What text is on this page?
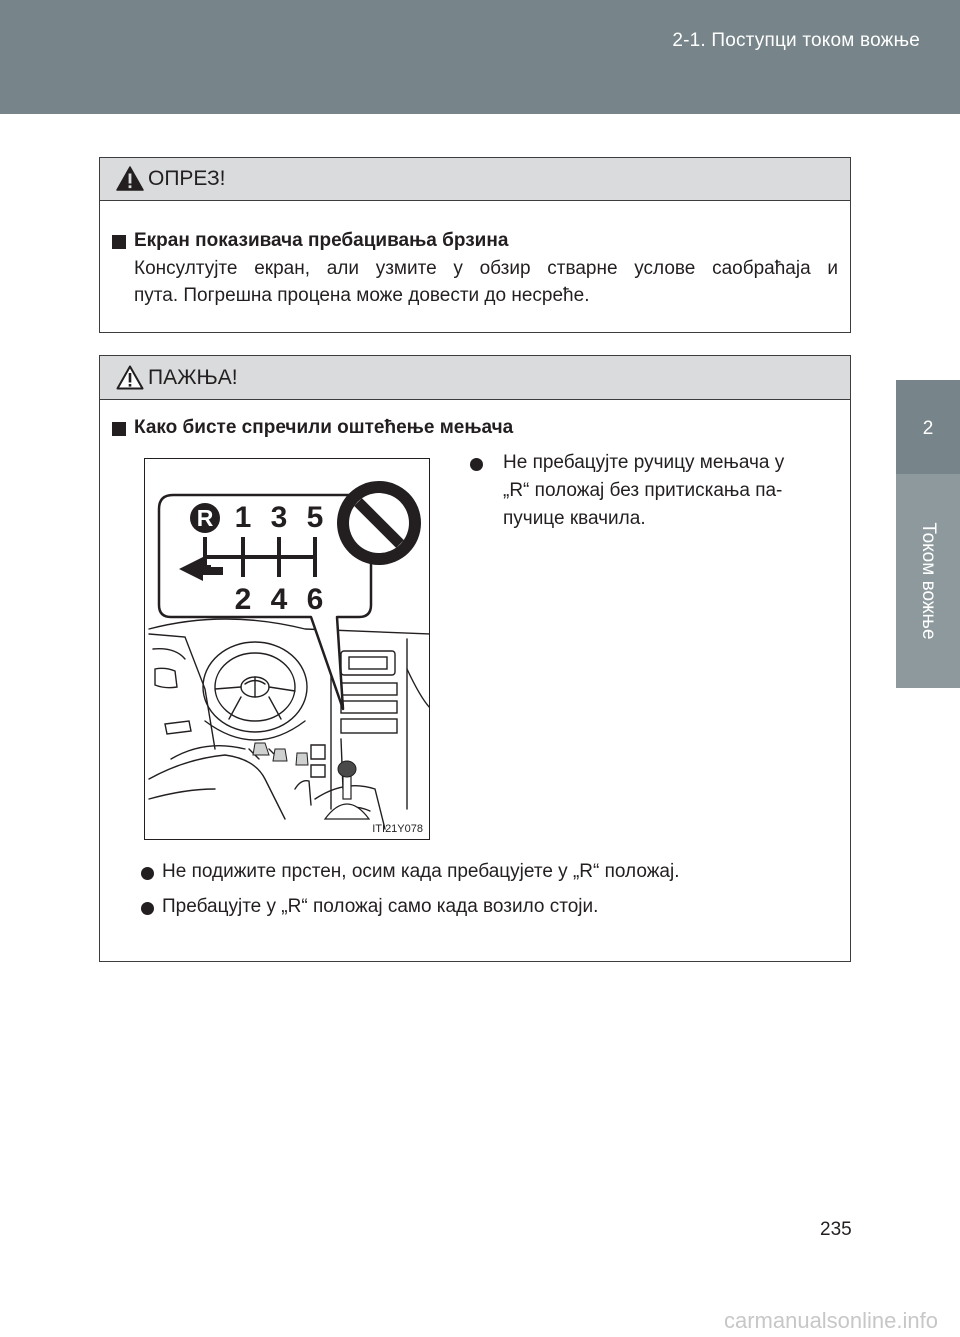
2-1. Поступци током вожње
2
Током вожње
ОПРЕЗ!
Екран показивача пребацивања брзина
Консултујте екран, али узмите у обзир стварне услове саобраћаја и
пута. Погрешна процена може довести до несреће.
ПАЖЊА!
Како бисте спречили оштећење мењача
Не пребацујте ручицу мењача у
„R“ положај без притискања па-
пучице квачила.
Не подижите прстен, осим када пребацујете у „R“ положај.
Пребацујте у „R“ положај само када возило стоји.
R 1 3 5
2 4 6
ITI21Y078
235
carmanualsonline.info
